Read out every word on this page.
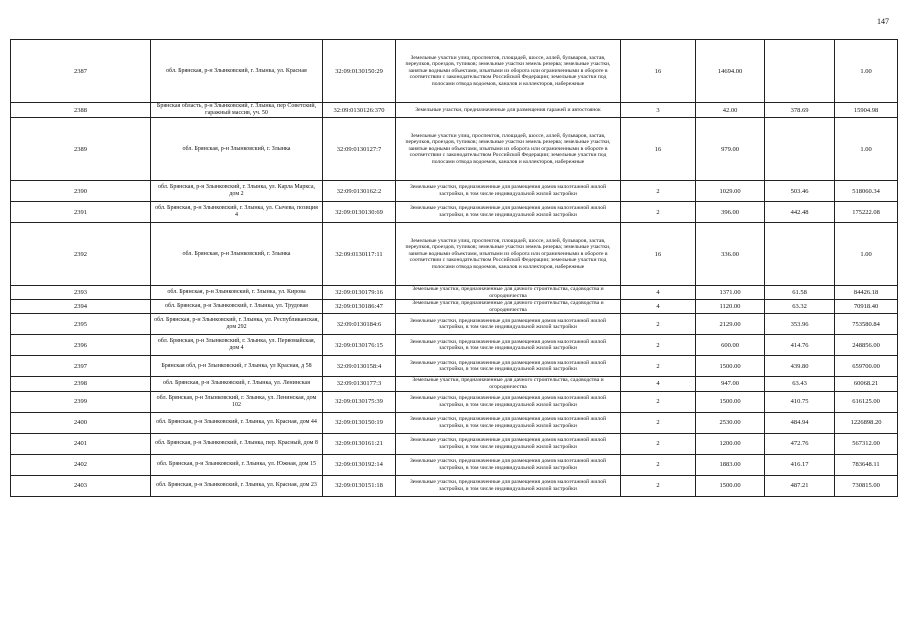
147
2387	обл. Брянская, р-н Злынковский, г. Злынка, ул. Красная	32:09:0130150:29	Земельные участки улиц, проспектов, площадей, шоссе, аллей, бульваров, застав, переулков, проездов, тупиков; земельные участки земель резерва; земельные участки, занятые водными объектами, изъятыми из оборота или ограниченными в обороте в соответствии с законодательством Российской Федерации; земельные участки под полосами отвода водоемов, каналов и коллекторов, набережные	16	14694.00		1.00
2388	Брянская область, р-н Злынковский, г. Злынка, пер Советский, гаражный массив, уч. 50	32:09:0130126:370	Земельные участки, предназначенные для размещения гаражей и автостоянок	3	42.00	378.69	15904.98
2389	обл. Брянская, р-н Злынковский, г. Злынка	32:09:0130127:7	Земельные участки улиц, проспектов, площадей, шоссе, аллей, бульваров, застав, переулков, проездов, тупиков; земельные участки земель резерва; земельные участки, занятые водными объектами, изъятыми из оборота или ограниченными в обороте в соответствии с законодательством Российской Федерации; земельные участки под полосами отвода водоемов, каналов и коллекторов, набережные	16	979.00		1.00
2390	обл. Брянская, р-н Злынковский, г. Злынка, ул. Карла Маркса, дом 2	32:09:0130162:2	Земельные участки, предназначенные для размещения домов малоэтажной жилой застройки, в том числе индивидуальной жилой застройки	2	1029.00	503.46	518060.34
2391	обл. Брянская, р-н Злынковский, г. Злынка, ул. Сычева, позиция 4	32:09:0130130:69	Земельные участки, предназначенные для размещения домов малоэтажной жилой застройки, в том числе индивидуальной жилой застройки	2	396.00	442.48	175222.08
2392	обл. Брянская, р-н Злынковский, г. Злынка	32:09:0130117:11	Земельные участки улиц, проспектов, площадей, шоссе, аллей, бульваров, застав, переулков, проездов, тупиков; земельные участки земель резерва; земельные участки, занятые водными объектами, изъятыми из оборота или ограниченными в обороте в соответствии с законодательством Российской Федерации; земельные участки под полосами отвода водоемов, каналов и коллекторов, набережные	16	336.00		1.00
2393	обл. Брянская, р-н Злынковский, г. Злынка, ул. Кирова	32:09:0130179:16	Земельные участки, предназначенные для дачного строительства, садоводства и огородничества	4	1371.00	61.58	84426.18
2394	обл. Брянская, р-н Злынковский, г. Злынка, ул. Трудовая	32:09:0130186:47	Земельные участки, предназначенные для дачного строительства, садоводства и огородничества	4	1120.00	63.32	70918.40
2395	обл. Брянская, р-н Злынковский, г. Злынка, ул. Республиканская, дом 292	32:09:0130184:6	Земельные участки, предназначенные для размещения домов малоэтажной жилой застройки, в том числе индивидуальной жилой застройки	2	2129.00	353.96	753580.84
2396	обл. Брянская, р-н Злынковский, г. Злынка, ул. Первомайская, дом 4	32:09:0130176:15	Земельные участки, предназначенные для размещения домов малоэтажной жилой застройки, в том числе индивидуальной жилой застройки	2	600.00	414.76	248856.00
2397	Брянская обл, р-н Злынковский, г Злынка, ул Красная, д 58	32:09:0130158:4	Земельные участки, предназначенные для размещения домов малоэтажной жилой застройки, в том числе индивидуальной жилой застройки	2	1500.00	439.80	659700.00
2398	обл. Брянская, р-н Злынковский, г. Злынка, ул. Ленинская	32:09:0130177:3	Земельные участки, предназначенные для дачного строительства, садоводства и огородничества	4	947.00	63.43	60068.21
2399	обл. Брянская, р-н Злынковский, г. Злынка, ул. Ленинская, дом 102	32:09:0130175:39	Земельные участки, предназначенные для размещения домов малоэтажной жилой застройки, в том числе индивидуальной жилой застройки	2	1500.00	410.75	616125.00
2400	обл. Брянская, р-н Злынковский, г. Злынка, ул. Красная, дом 44	32:09:0130150:19	Земельные участки, предназначенные для размещения домов малоэтажной жилой застройки, в том числе индивидуальной жилой застройки	2	2530.00	484.94	1226898.20
2401	обл. Брянская, р-н Злынковский, г. Злынка, пер. Красный, дом 8	32:09:0130161:21	Земельные участки, предназначенные для размещения домов малоэтажной жилой застройки, в том числе индивидуальной жилой застройки	2	1200.00	472.76	567312.00
2402	обл. Брянская, р-н Злынковский, г. Злынка, ул. Южная, дом 15	32:09:0130192:14	Земельные участки, предназначенные для размещения домов малоэтажной жилой застройки, в том числе индивидуальной жилой застройки	2	1883.00	416.17	783648.11
2403	обл. Брянская, р-н Злынковский, г. Злынка, ул. Красная, дом 23	32:09:0130151:18	Земельные участки, предназначенные для размещения домов малоэтажной жилой застройки, в том числе индивидуальной жилой застройки	2	1500.00	487.21	730815.00
